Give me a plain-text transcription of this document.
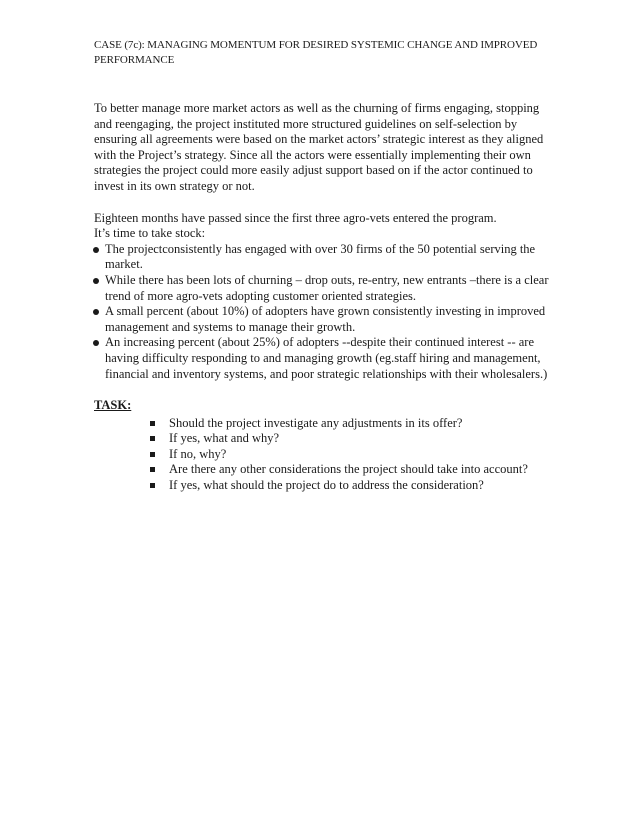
CASE (7c): MANAGING MOMENTUM FOR DESIRED SYSTEMIC CHANGE AND IMPROVED PERFORMANCE

To better manage more market actors as well as the churning of firms engaging, stopping and reengaging, the project instituted more structured guidelines on self-selection by ensuring all agreements were based on the market actors’ strategic interest as they aligned with the Project’s strategy. Since all the actors were essentially implementing their own strategies the project could more easily adjust support based on if the actor continued to invest in its own strategy or not.

Eighteen months have passed since the first three agro-vets entered the program.

It’s time to take stock:

The projectconsistently has engaged with over 30 firms of the 50 potential serving the market.
While there has been lots of churning – drop outs, re-entry, new entrants –there is a clear trend of more agro-vets adopting customer oriented strategies.
A small percent (about 10%) of adopters have grown consistently investing in improved management and systems to manage their growth.
An increasing percent (about 25%) of adopters --despite their continued interest -- are having difficulty responding to and managing growth (eg.staff hiring and management, financial and inventory systems, and poor strategic relationships with their wholesalers.)
TASK:
Should the project investigate any adjustments in its offer?
If yes, what and why?
If no, why?
Are there any other considerations the project should take into account?
If yes, what should the project do to address the consideration?
